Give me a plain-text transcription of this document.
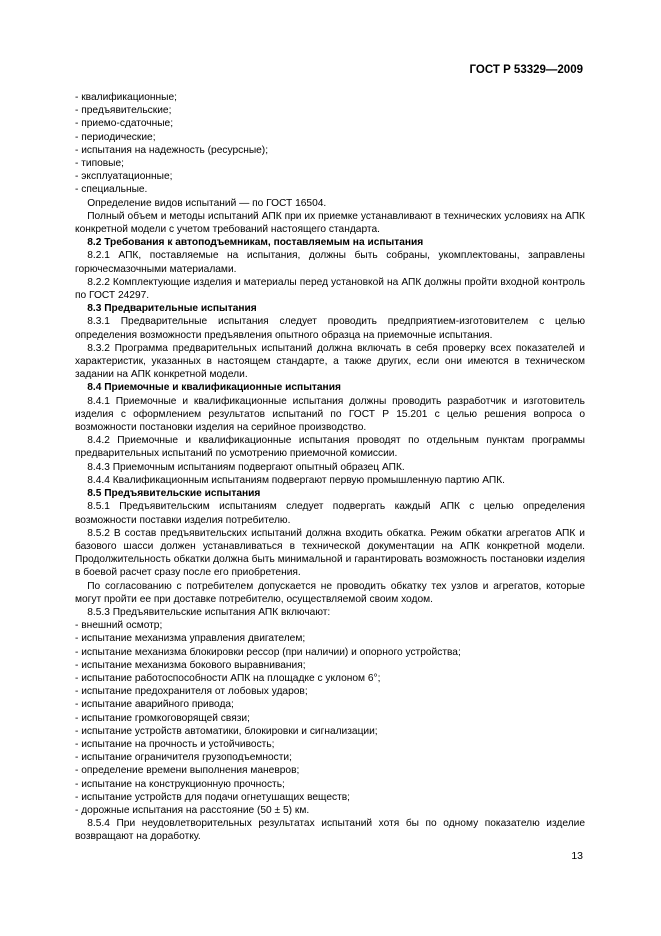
ГОСТ Р 53329—2009

- квалификационные;

- предъявительские;

- приемо-сдаточные;

- периодические;

- испытания на надежность (ресурсные);

- типовые;

- эксплуатационные;

- специальные.

Определение видов испытаний — по ГОСТ 16504.

Полный объем и методы испытаний АПК при их приемке устанавливают в технических условиях на АПК конкретной модели с учетом требований настоящего стандарта.

8.2 Требования к автоподъемникам, поставляемым на испытания

8.2.1 АПК, поставляемые на испытания, должны быть собраны, укомплектованы, заправлены горючесмазочными материалами.

8.2.2 Комплектующие изделия и материалы перед установкой на АПК должны пройти входной контроль по ГОСТ 24297.

8.3 Предварительные испытания

8.3.1 Предварительные испытания следует проводить предприятием-изготовителем с целью определения возможности предъявления опытного образца на приемочные испытания.

8.3.2 Программа предварительных испытаний должна включать в себя проверку всех показателей и характеристик, указанных в настоящем стандарте, а также других, если они имеются в техническом задании на АПК конкретной модели.

8.4 Приемочные и квалификационные испытания

8.4.1 Приемочные и квалификационные испытания должны проводить разработчик и изготовитель изделия с оформлением результатов испытаний по ГОСТ Р 15.201 с целью решения вопроса о возможности постановки изделия на серийное производство.

8.4.2 Приемочные и квалификационные испытания проводят по отдельным пунктам программы предварительных испытаний по усмотрению приемочной комиссии.

8.4.3 Приемочным испытаниям подвергают опытный образец АПК.

8.4.4 Квалификационным испытаниям подвергают первую промышленную партию АПК.

8.5 Предъявительские испытания

8.5.1 Предъявительским испытаниям следует подвергать каждый АПК с целью определения возможности поставки изделия потребителю.

8.5.2 В состав предъявительских испытаний должна входить обкатка. Режим обкатки агрегатов АПК и базового шасси должен устанавливаться в технической документации на АПК конкретной модели. Продолжительность обкатки должна быть минимальной и гарантировать возможность постановки изделия в боевой расчет сразу после его приобретения.

По согласованию с потребителем допускается не проводить обкатку тех узлов и агрегатов, которые могут пройти ее при доставке потребителю, осуществляемой своим ходом.

8.5.3 Предъявительские испытания АПК включают:

- внешний осмотр;

- испытание механизма управления двигателем;

- испытание механизма блокировки рессор (при наличии) и опорного устройства;

- испытание механизма бокового выравнивания;

- испытание работоспособности АПК на площадке с уклоном 6°;

- испытание предохранителя от лобовых ударов;

- испытание аварийного привода;

- испытание громкоговорящей связи;

- испытание устройств автоматики, блокировки и сигнализации;

- испытание на прочность и устойчивость;

- испытание ограничителя грузоподъемности;

- определение времени выполнения маневров;

- испытание на конструкционную прочность;

- испытание устройств для подачи огнетушащих веществ;

- дорожные испытания на расстояние (50 ± 5) км.

8.5.4 При неудовлетворительных результатах испытаний хотя бы по одному показателю изделие возвращают на доработку.

13
